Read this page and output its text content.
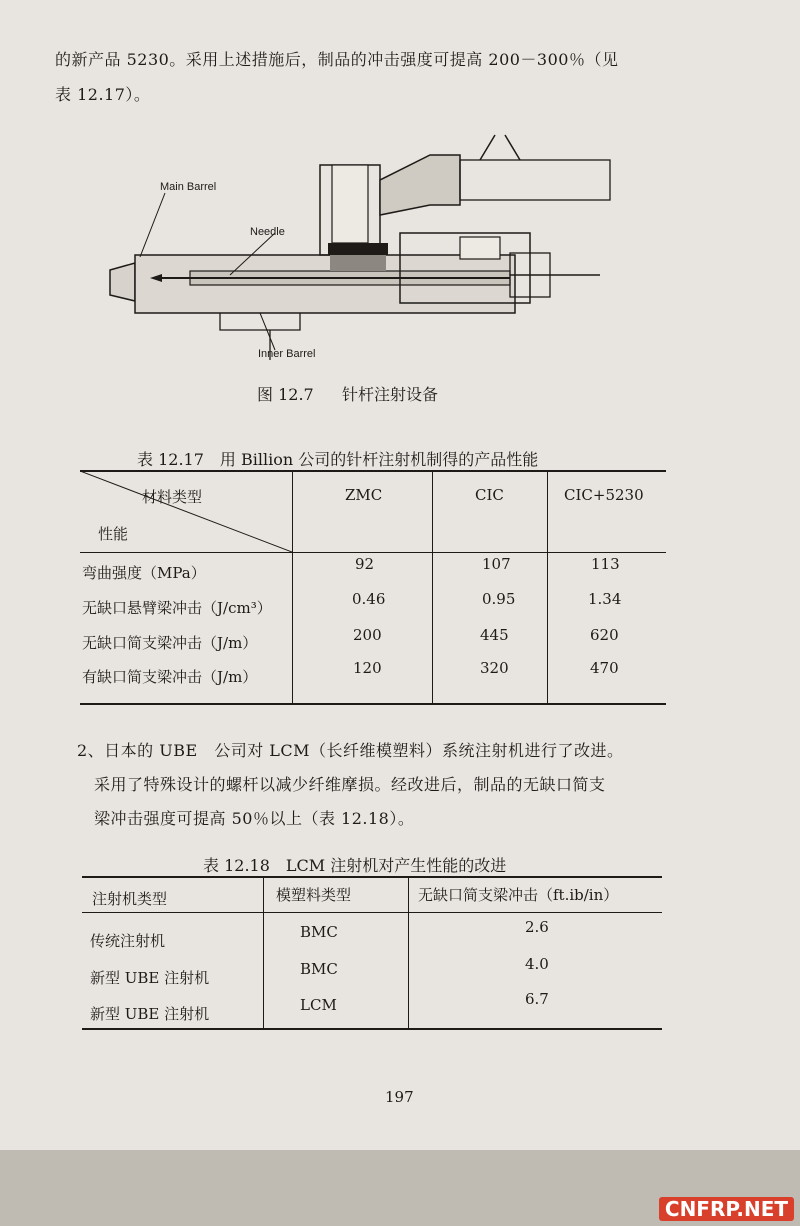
的新产品 5230。采用上述措施后，制品的冲击强度可提高 200－300％（见
表 12.17）。
Main Barrel
Needle
Inner Barrel
图 12.7 针杆注射设备
表 12.17　用 Billion 公司的针杆注射机制得的产品性能
材料类型
性能
ZMC	CIC	CIC+5230
弯曲强度（MPa）	92	107	113
无缺口悬臂梁冲击（J/cm³）	0.46	0.95	1.34
无缺口简支梁冲击（J/m）	200	445	620
有缺口简支梁冲击（J/m）	120	320	470
2、日本的 UBE　公司对 LCM（长纤维模塑料）系统注射机进行了改进。
采用了特殊设计的螺杆以减少纤维摩损。经改进后，制品的无缺口简支
梁冲击强度可提高 50％以上（表 12.18）。
表 12.18　LCM 注射机对产生性能的改进
注射机类型	模塑料类型	无缺口简支梁冲击（ft.ib/in）
传统注射机	BMC	2.6
新型 UBE 注射机	BMC	4.0
新型 UBE 注射机	LCM	6.7
197
CNFRP.NET
